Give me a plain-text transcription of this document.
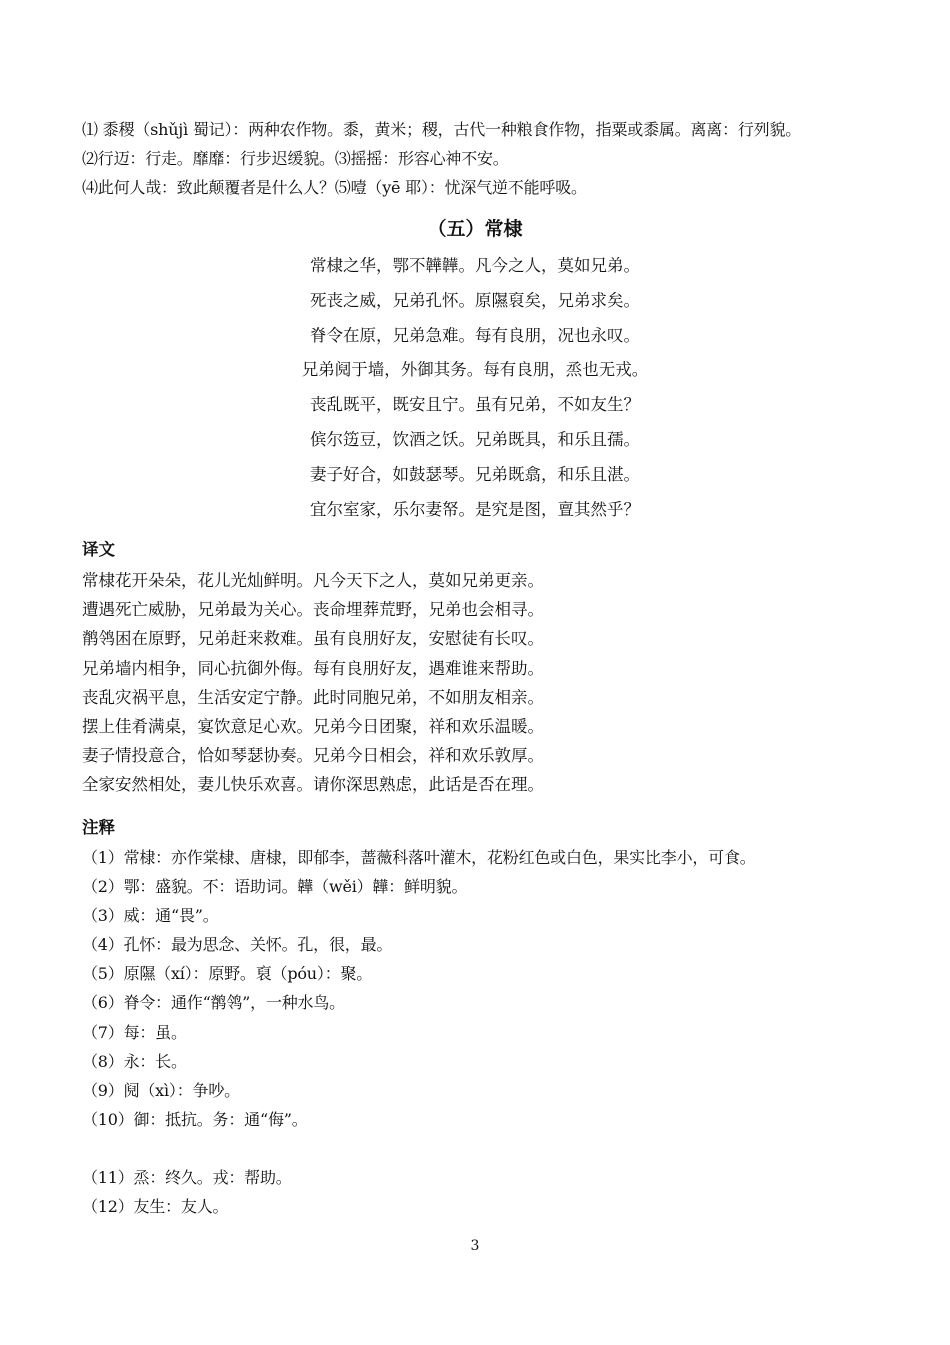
⑴ 黍稷（shǔjì 蜀记）：两种农作物。黍，黄米；稷，古代一种粮食作物，指粟或黍属。离离：行列貌。
⑵行迈：行走。靡靡：行步迟缓貌。⑶摇摇：形容心神不安。
⑷此何人哉：致此颠覆者是什么人？⑸噎（yē 耶）：忧深气逆不能呼吸。
（五）常棣
常棣之华，鄂不韡韡。凡今之人，莫如兄弟。
死丧之威，兄弟孔怀。原隰裒矣，兄弟求矣。
脊令在原，兄弟急难。每有良朋，况也永叹。
兄弟阋于墙，外御其务。每有良朋，烝也无戎。
丧乱既平，既安且宁。虽有兄弟，不如友生？
傧尔笾豆，饮酒之饫。兄弟既具，和乐且孺。
妻子好合，如鼓瑟琴。兄弟既翕，和乐且湛。
宜尔室家，乐尔妻帑。是究是图，亶其然乎？
译文
常棣花开朵朵，花儿光灿鲜明。凡今天下之人，莫如兄弟更亲。
遭遇死亡威胁，兄弟最为关心。丧命埋葬荒野，兄弟也会相寻。
鹡鸰困在原野，兄弟赶来救难。虽有良朋好友，安慰徒有长叹。
兄弟墙内相争，同心抗御外侮。每有良朋好友，遇难谁来帮助。
丧乱灾祸平息，生活安定宁静。此时同胞兄弟，不如朋友相亲。
摆上佳肴满桌，宴饮意足心欢。兄弟今日团聚，祥和欢乐温暖。
妻子情投意合，恰如琴瑟协奏。兄弟今日相会，祥和欢乐敦厚。
全家安然相处，妻儿快乐欢喜。请你深思熟虑，此话是否在理。
注释
（1）常棣：亦作棠棣、唐棣，即郁李，蔷薇科落叶灌木，花粉红色或白色，果实比李小，可食。
（2）鄂：盛貌。不：语助词。韡（wěi）韡：鲜明貌。
（3）威：通“畏”。
（4）孔怀：最为思念、关怀。孔，很，最。
（5）原隰（xí）：原野。裒（póu）：聚。
（6）脊令：通作“鹡鸰”，一种水鸟。
（7）每：虽。
（8）永：长。
（9）阋（xì）：争吵。
（10）御：抵抗。务：通“侮”。
（11）烝：终久。戎：帮助。
（12）友生：友人。
3
